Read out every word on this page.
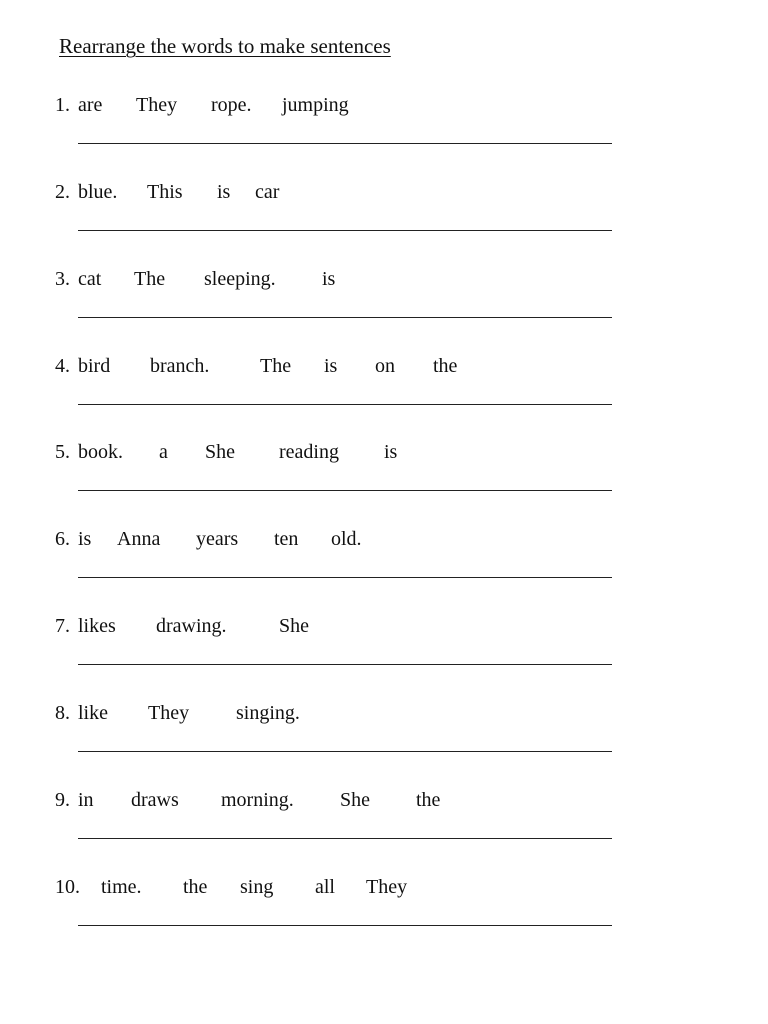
Rearrange the words to make sentences
1. are They rope. jumping
2. blue. This is car
3. cat The sleeping. is
4. bird branch.	The is on the
5. book. a She reading is
6. is Anna years ten old.
7. likes drawing.	She
8. like They singing.
9. in draws morning. She the
10. time. the sing all They
